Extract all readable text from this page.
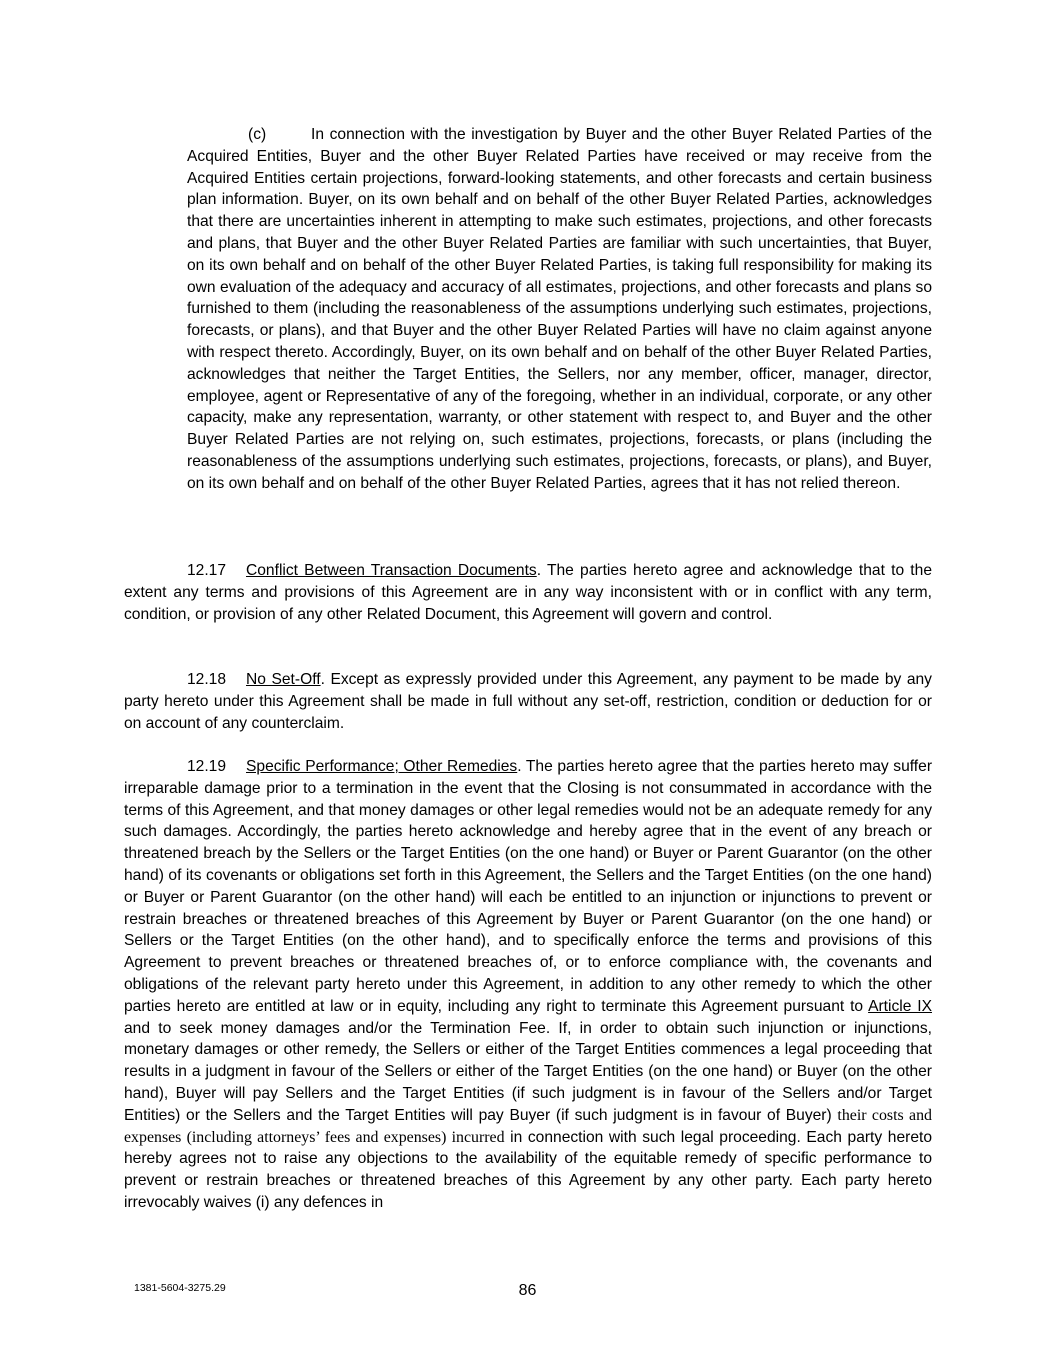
(c)	In connection with the investigation by Buyer and the other Buyer Related Parties of the Acquired Entities, Buyer and the other Buyer Related Parties have received or may receive from the Acquired Entities certain projections, forward-looking statements, and other forecasts and certain business plan information. Buyer, on its own behalf and on behalf of the other Buyer Related Parties, acknowledges that there are uncertainties inherent in attempting to make such estimates, projections, and other forecasts and plans, that Buyer and the other Buyer Related Parties are familiar with such uncertainties, that Buyer, on its own behalf and on behalf of the other Buyer Related Parties, is taking full responsibility for making its own evaluation of the adequacy and accuracy of all estimates, projections, and other forecasts and plans so furnished to them (including the reasonableness of the assumptions underlying such estimates, projections, forecasts, or plans), and that Buyer and the other Buyer Related Parties will have no claim against anyone with respect thereto. Accordingly, Buyer, on its own behalf and on behalf of the other Buyer Related Parties, acknowledges that neither the Target Entities, the Sellers, nor any member, officer, manager, director, employee, agent or Representative of any of the foregoing, whether in an individual, corporate, or any other capacity, make any representation, warranty, or other statement with respect to, and Buyer and the other Buyer Related Parties are not relying on, such estimates, projections, forecasts, or plans (including the reasonableness of the assumptions underlying such estimates, projections, forecasts, or plans), and Buyer, on its own behalf and on behalf of the other Buyer Related Parties, agrees that it has not relied thereon.

12.17 Conflict Between Transaction Documents. The parties hereto agree and acknowledge that to the extent any terms and provisions of this Agreement are in any way inconsistent with or in conflict with any term, condition, or provision of any other Related Document, this Agreement will govern and control.

12.18 No Set-Off. Except as expressly provided under this Agreement, any payment to be made by any party hereto under this Agreement shall be made in full without any set-off, restriction, condition or deduction for or on account of any counterclaim.

12.19 Specific Performance; Other Remedies. The parties hereto agree that the parties hereto may suffer irreparable damage prior to a termination in the event that the Closing is not consummated in accordance with the terms of this Agreement, and that money damages or other legal remedies would not be an adequate remedy for any such damages. Accordingly, the parties hereto acknowledge and hereby agree that in the event of any breach or threatened breach by the Sellers or the Target Entities (on the one hand) or Buyer or Parent Guarantor (on the other hand) of its covenants or obligations set forth in this Agreement, the Sellers and the Target Entities (on the one hand) or Buyer or Parent Guarantor (on the other hand) will each be entitled to an injunction or injunctions to prevent or restrain breaches or threatened breaches of this Agreement by Buyer or Parent Guarantor (on the one hand) or Sellers or the Target Entities (on the other hand), and to specifically enforce the terms and provisions of this Agreement to prevent breaches or threatened breaches of, or to enforce compliance with, the covenants and obligations of the relevant party hereto under this Agreement, in addition to any other remedy to which the other parties hereto are entitled at law or in equity, including any right to terminate this Agreement pursuant to Article IX and to seek money damages and/or the Termination Fee. If, in order to obtain such injunction or injunctions, monetary damages or other remedy, the Sellers or either of the Target Entities commences a legal proceeding that results in a judgment in favour of the Sellers or either of the Target Entities (on the one hand) or Buyer (on the other hand), Buyer will pay Sellers and the Target Entities (if such judgment is in favour of the Sellers and/or Target Entities) or the Sellers and the Target Entities will pay Buyer (if such judgment is in favour of Buyer) their costs and expenses (including attorneys’ fees and expenses) incurred in connection with such legal proceeding. Each party hereto hereby agrees not to raise any objections to the availability of the equitable remedy of specific performance to prevent or restrain breaches or threatened breaches of this Agreement by any other party. Each party hereto irrevocably waives (i) any defences in

1381-5604-3275.29	86
